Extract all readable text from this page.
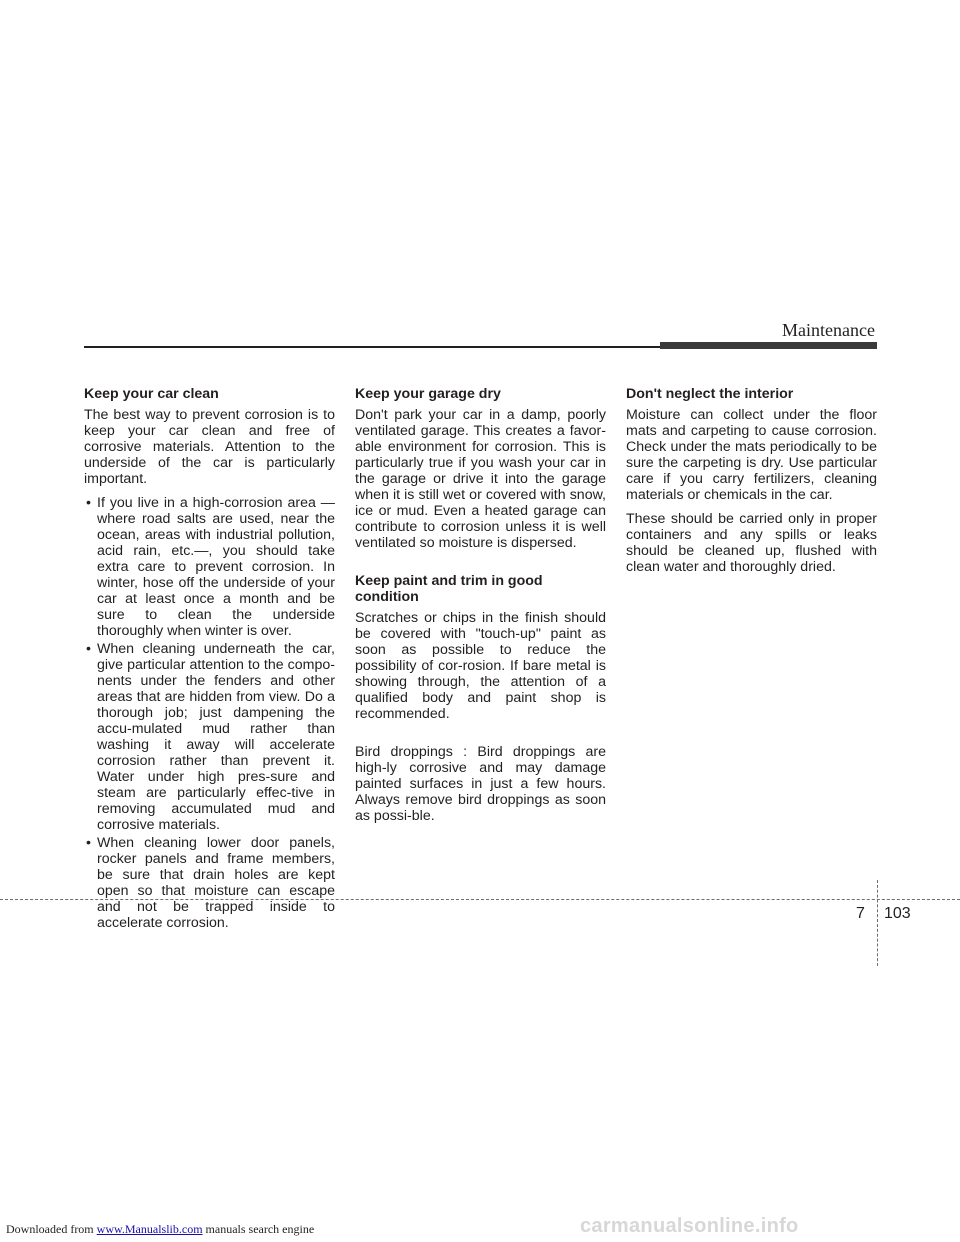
Maintenance
Keep your car clean

The best way to prevent corrosion is to keep your car clean and free of corrosive materials. Attention to the underside of the car is particularly important.

• If you live in a high-corrosion area — where road salts are used, near the ocean, areas with industrial pollution, acid rain, etc.—, you should take extra care to prevent corrosion. In winter, hose off the underside of your car at least once a month and be sure to clean the underside thoroughly when winter is over.
• When cleaning underneath the car, give particular attention to the compo-nents under the fenders and other areas that are hidden from view. Do a thorough job; just dampening the accu-mulated mud rather than washing it away will accelerate corrosion rather than prevent it. Water under high pres-sure and steam are particularly effec-tive in removing accumulated mud and corrosive materials.
• When cleaning lower door panels, rocker panels and frame members, be sure that drain holes are kept open so that moisture can escape and not be trapped inside to accelerate corrosion.
Keep your garage dry

Don't park your car in a damp, poorly ventilated garage. This creates a favor-able environment for corrosion. This is particularly true if you wash your car in the garage or drive it into the garage when it is still wet or covered with snow, ice or mud. Even a heated garage can contribute to corrosion unless it is well ventilated so moisture is dispersed.

Keep paint and trim in good condition

Scratches or chips in the finish should be covered with "touch-up" paint as soon as possible to reduce the possibility of cor-rosion. If bare metal is showing through, the attention of a qualified body and paint shop is recommended.

Bird droppings : Bird droppings are high-ly corrosive and may damage painted surfaces in just a few hours. Always remove bird droppings as soon as possi-ble.

Don't neglect the interior

Moisture can collect under the floor mats and carpeting to cause corrosion. Check under the mats periodically to be sure the carpeting is dry. Use particular care if you carry fertilizers, cleaning materials or chemicals in the car.

These should be carried only in proper containers and any spills or leaks should be cleaned up, flushed with clean water and thoroughly dried.

7 103
Downloaded from www.Manualslib.com manuals search engine	carmanualsonline.info
